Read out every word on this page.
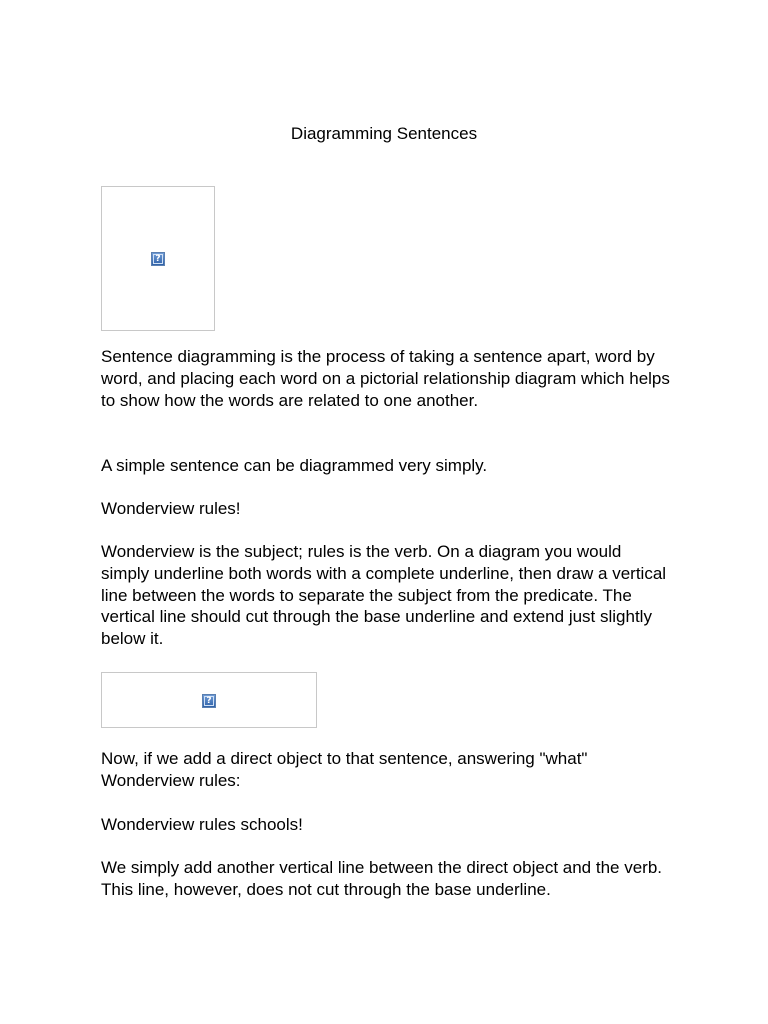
Diagramming Sentences
?

Sentence diagramming is the process of taking a sentence apart, word by word, and placing each word on a pictorial relationship diagram which helps to show how the words are related to one another.

A simple sentence can be diagrammed very simply.

Wonderview rules!

Wonderview is the subject; rules is the verb. On a diagram you would simply underline both words with a complete underline, then draw a vertical line between the words to separate the subject from the predicate. The vertical line should cut through the base underline and extend just slightly below it.

?

Now, if we add a direct object to that sentence, answering "what" Wonderview rules:

Wonderview rules schools!

We simply add another vertical line between the direct object and the verb. This line, however, does not cut through the base underline.
